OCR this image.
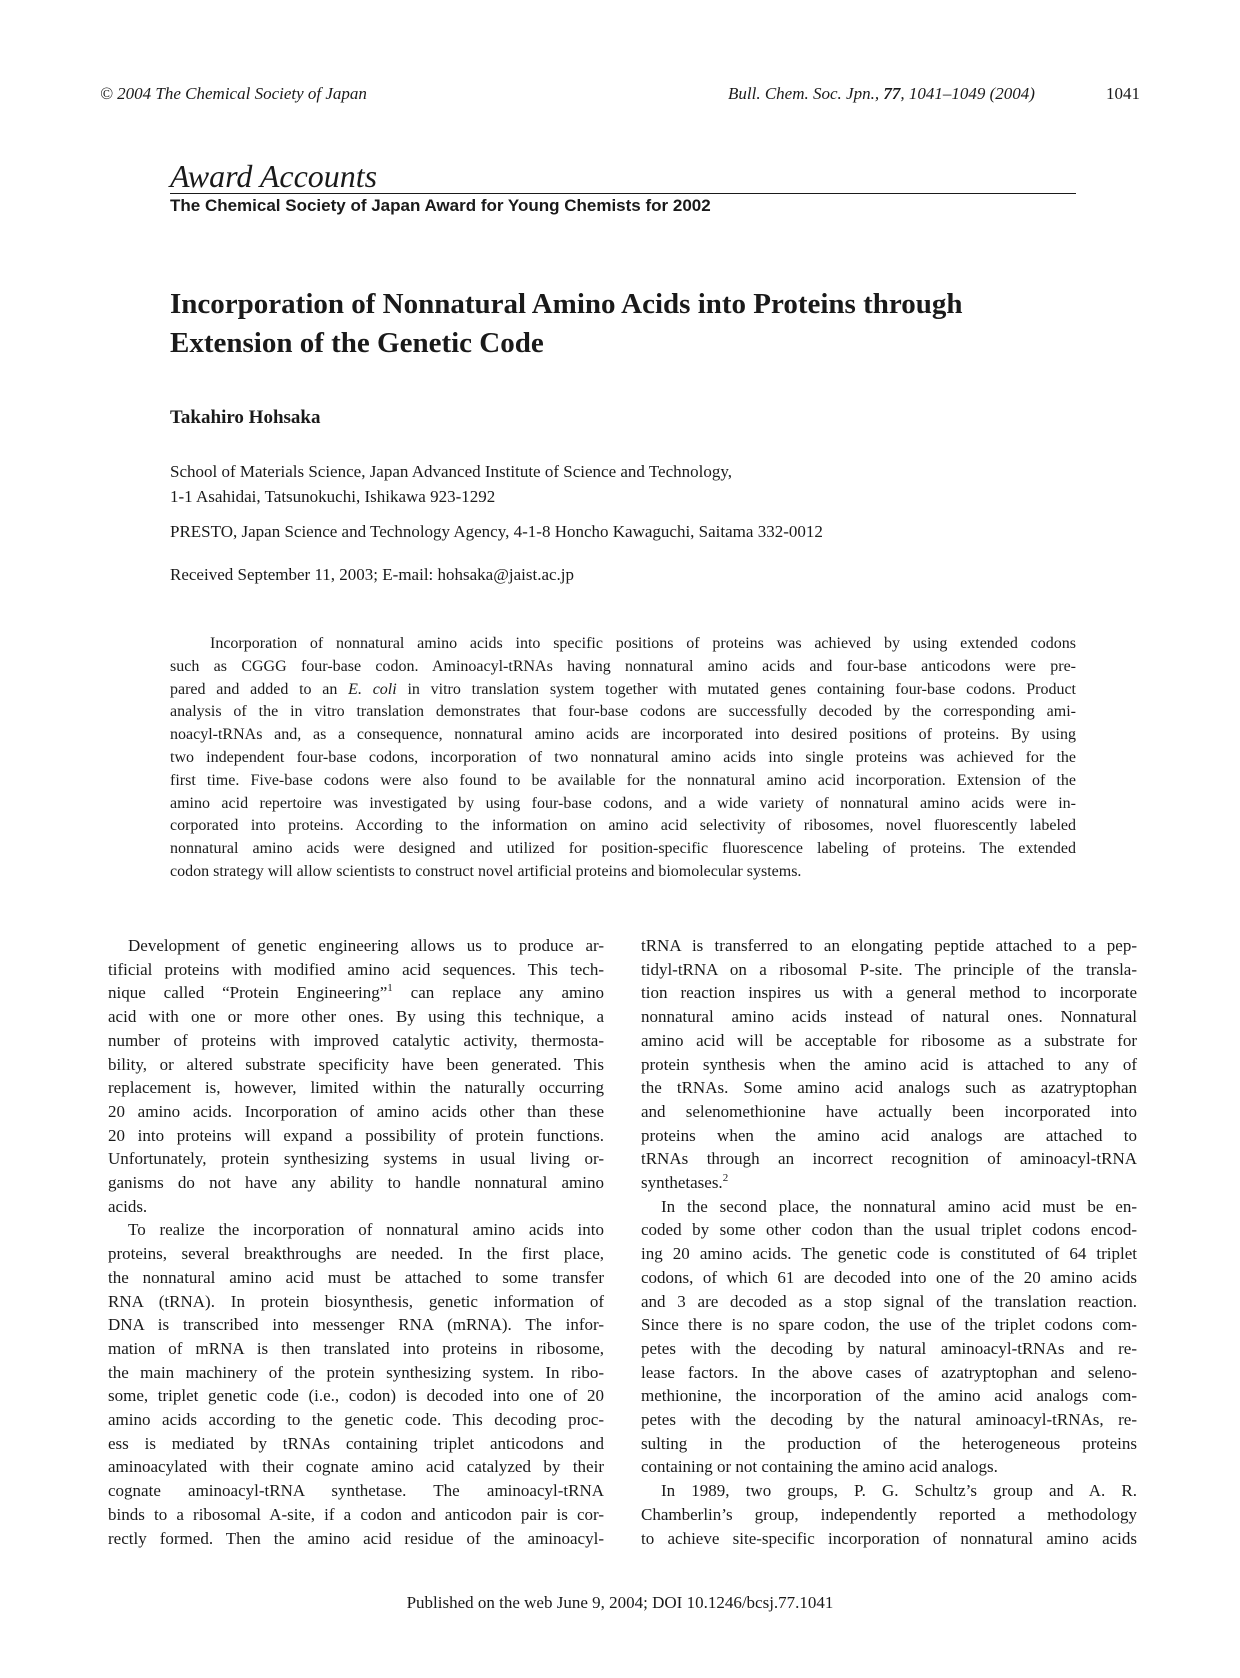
© 2004 The Chemical Society of Japan	Bull. Chem. Soc. Jpn., 77, 1041–1049 (2004)	1041
Award Accounts
The Chemical Society of Japan Award for Young Chemists for 2002
Incorporation of Nonnatural Amino Acids into Proteins through
Extension of the Genetic Code
Takahiro Hohsaka
School of Materials Science, Japan Advanced Institute of Science and Technology,
1-1 Asahidai, Tatsunokuchi, Ishikawa 923-1292
PRESTO, Japan Science and Technology Agency, 4-1-8 Honcho Kawaguchi, Saitama 332-0012
Received September 11, 2003; E-mail: hohsaka@jaist.ac.jp
Incorporation of nonnatural amino acids into specific positions of proteins was achieved by using extended codons
such as CGGG four-base codon. Aminoacyl-tRNAs having nonnatural amino acids and four-base anticodons were pre-
pared and added to an E. coli in vitro translation system together with mutated genes containing four-base codons. Product
analysis of the in vitro translation demonstrates that four-base codons are successfully decoded by the corresponding ami-
noacyl-tRNAs and, as a consequence, nonnatural amino acids are incorporated into desired positions of proteins. By using
two independent four-base codons, incorporation of two nonnatural amino acids into single proteins was achieved for the
first time. Five-base codons were also found to be available for the nonnatural amino acid incorporation. Extension of the
amino acid repertoire was investigated by using four-base codons, and a wide variety of nonnatural amino acids were in-
corporated into proteins. According to the information on amino acid selectivity of ribosomes, novel fluorescently labeled
nonnatural amino acids were designed and utilized for position-specific fluorescence labeling of proteins. The extended
codon strategy will allow scientists to construct novel artificial proteins and biomolecular systems.
Development of genetic engineering allows us to produce ar-
tificial proteins with modified amino acid sequences. This tech-
nique called “Protein Engineering”$^1$ can replace any amino
acid with one or more other ones. By using this technique, a
number of proteins with improved catalytic activity, thermosta-
bility, or altered substrate specificity have been generated. This
replacement is, however, limited within the naturally occurring
20 amino acids. Incorporation of amino acids other than these
20 into proteins will expand a possibility of protein functions.
Unfortunately, protein synthesizing systems in usual living or-
ganisms do not have any ability to handle nonnatural amino
acids.
To realize the incorporation of nonnatural amino acids into
proteins, several breakthroughs are needed. In the first place,
the nonnatural amino acid must be attached to some transfer
RNA (tRNA). In protein biosynthesis, genetic information of
DNA is transcribed into messenger RNA (mRNA). The infor-
mation of mRNA is then translated into proteins in ribosome,
the main machinery of the protein synthesizing system. In ribo-
some, triplet genetic code (i.e., codon) is decoded into one of 20
amino acids according to the genetic code. This decoding proc-
ess is mediated by tRNAs containing triplet anticodons and
aminoacylated with their cognate amino acid catalyzed by their
cognate aminoacyl-tRNA synthetase. The aminoacyl-tRNA
binds to a ribosomal A-site, if a codon and anticodon pair is cor-
rectly formed. Then the amino acid residue of the aminoacyl-
tRNA is transferred to an elongating peptide attached to a pep-
tidyl-tRNA on a ribosomal P-site. The principle of the transla-
tion reaction inspires us with a general method to incorporate
nonnatural amino acids instead of natural ones. Nonnatural
amino acid will be acceptable for ribosome as a substrate for
protein synthesis when the amino acid is attached to any of
the tRNAs. Some amino acid analogs such as azatryptophan
and selenomethionine have actually been incorporated into
proteins when the amino acid analogs are attached to
tRNAs through an incorrect recognition of aminoacyl-tRNA
synthetases.$^2$
In the second place, the nonnatural amino acid must be en-
coded by some other codon than the usual triplet codons encod-
ing 20 amino acids. The genetic code is constituted of 64 triplet
codons, of which 61 are decoded into one of the 20 amino acids
and 3 are decoded as a stop signal of the translation reaction.
Since there is no spare codon, the use of the triplet codons com-
petes with the decoding by natural aminoacyl-tRNAs and re-
lease factors. In the above cases of azatryptophan and seleno-
methionine, the incorporation of the amino acid analogs com-
petes with the decoding by the natural aminoacyl-tRNAs, re-
sulting in the production of the heterogeneous proteins
containing or not containing the amino acid analogs.
In 1989, two groups, P. G. Schultz’s group and A. R.
Chamberlin’s group, independently reported a methodology
to achieve site-specific incorporation of nonnatural amino acids
Published on the web June 9, 2004; DOI 10.1246/bcsj.77.1041
